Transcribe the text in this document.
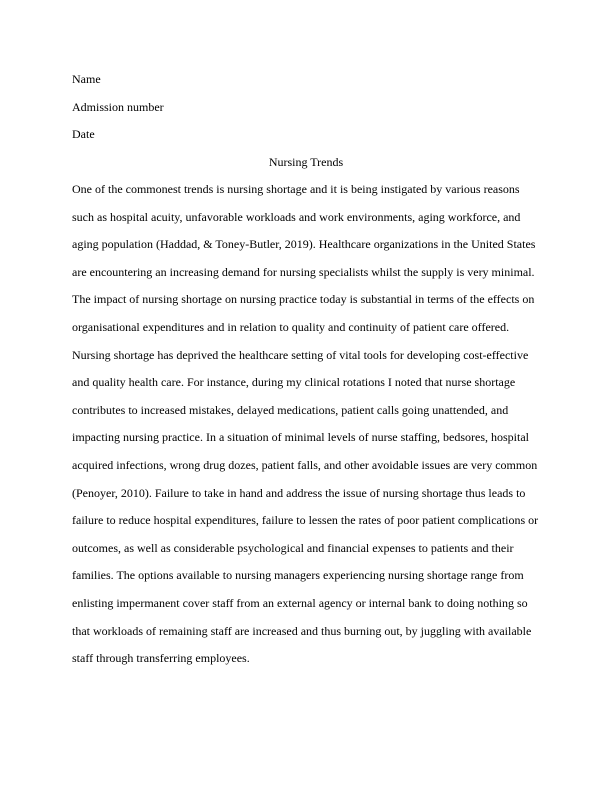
Name
Admission number
Date
Nursing Trends
One of the commonest trends is nursing shortage and it is being instigated by various reasons
such as hospital acuity, unfavorable workloads and work environments, aging workforce, and
aging population (Haddad, & Toney-Butler, 2019). Healthcare organizations in the United States
are encountering an increasing demand for nursing specialists whilst the supply is very minimal.
The impact of nursing shortage on nursing practice today is substantial in terms of the effects on
organisational expenditures and in relation to quality and continuity of patient care offered.
Nursing shortage has deprived the healthcare setting of vital tools for developing cost-effective
and quality health care. For instance, during my clinical rotations I noted that nurse shortage
contributes to increased mistakes, delayed medications, patient calls going unattended, and
impacting nursing practice. In a situation of minimal levels of nurse staffing, bedsores, hospital
acquired infections, wrong drug dozes, patient falls, and other avoidable issues are very common
(Penoyer, 2010). Failure to take in hand and address the issue of nursing shortage thus leads to
failure to reduce hospital expenditures, failure to lessen the rates of poor patient complications or
outcomes, as well as considerable psychological and financial expenses to patients and their
families. The options available to nursing managers experiencing nursing shortage range from
enlisting impermanent cover staff from an external agency or internal bank to doing nothing so
that workloads of remaining staff are increased and thus burning out, by juggling with available
staff through transferring employees.
